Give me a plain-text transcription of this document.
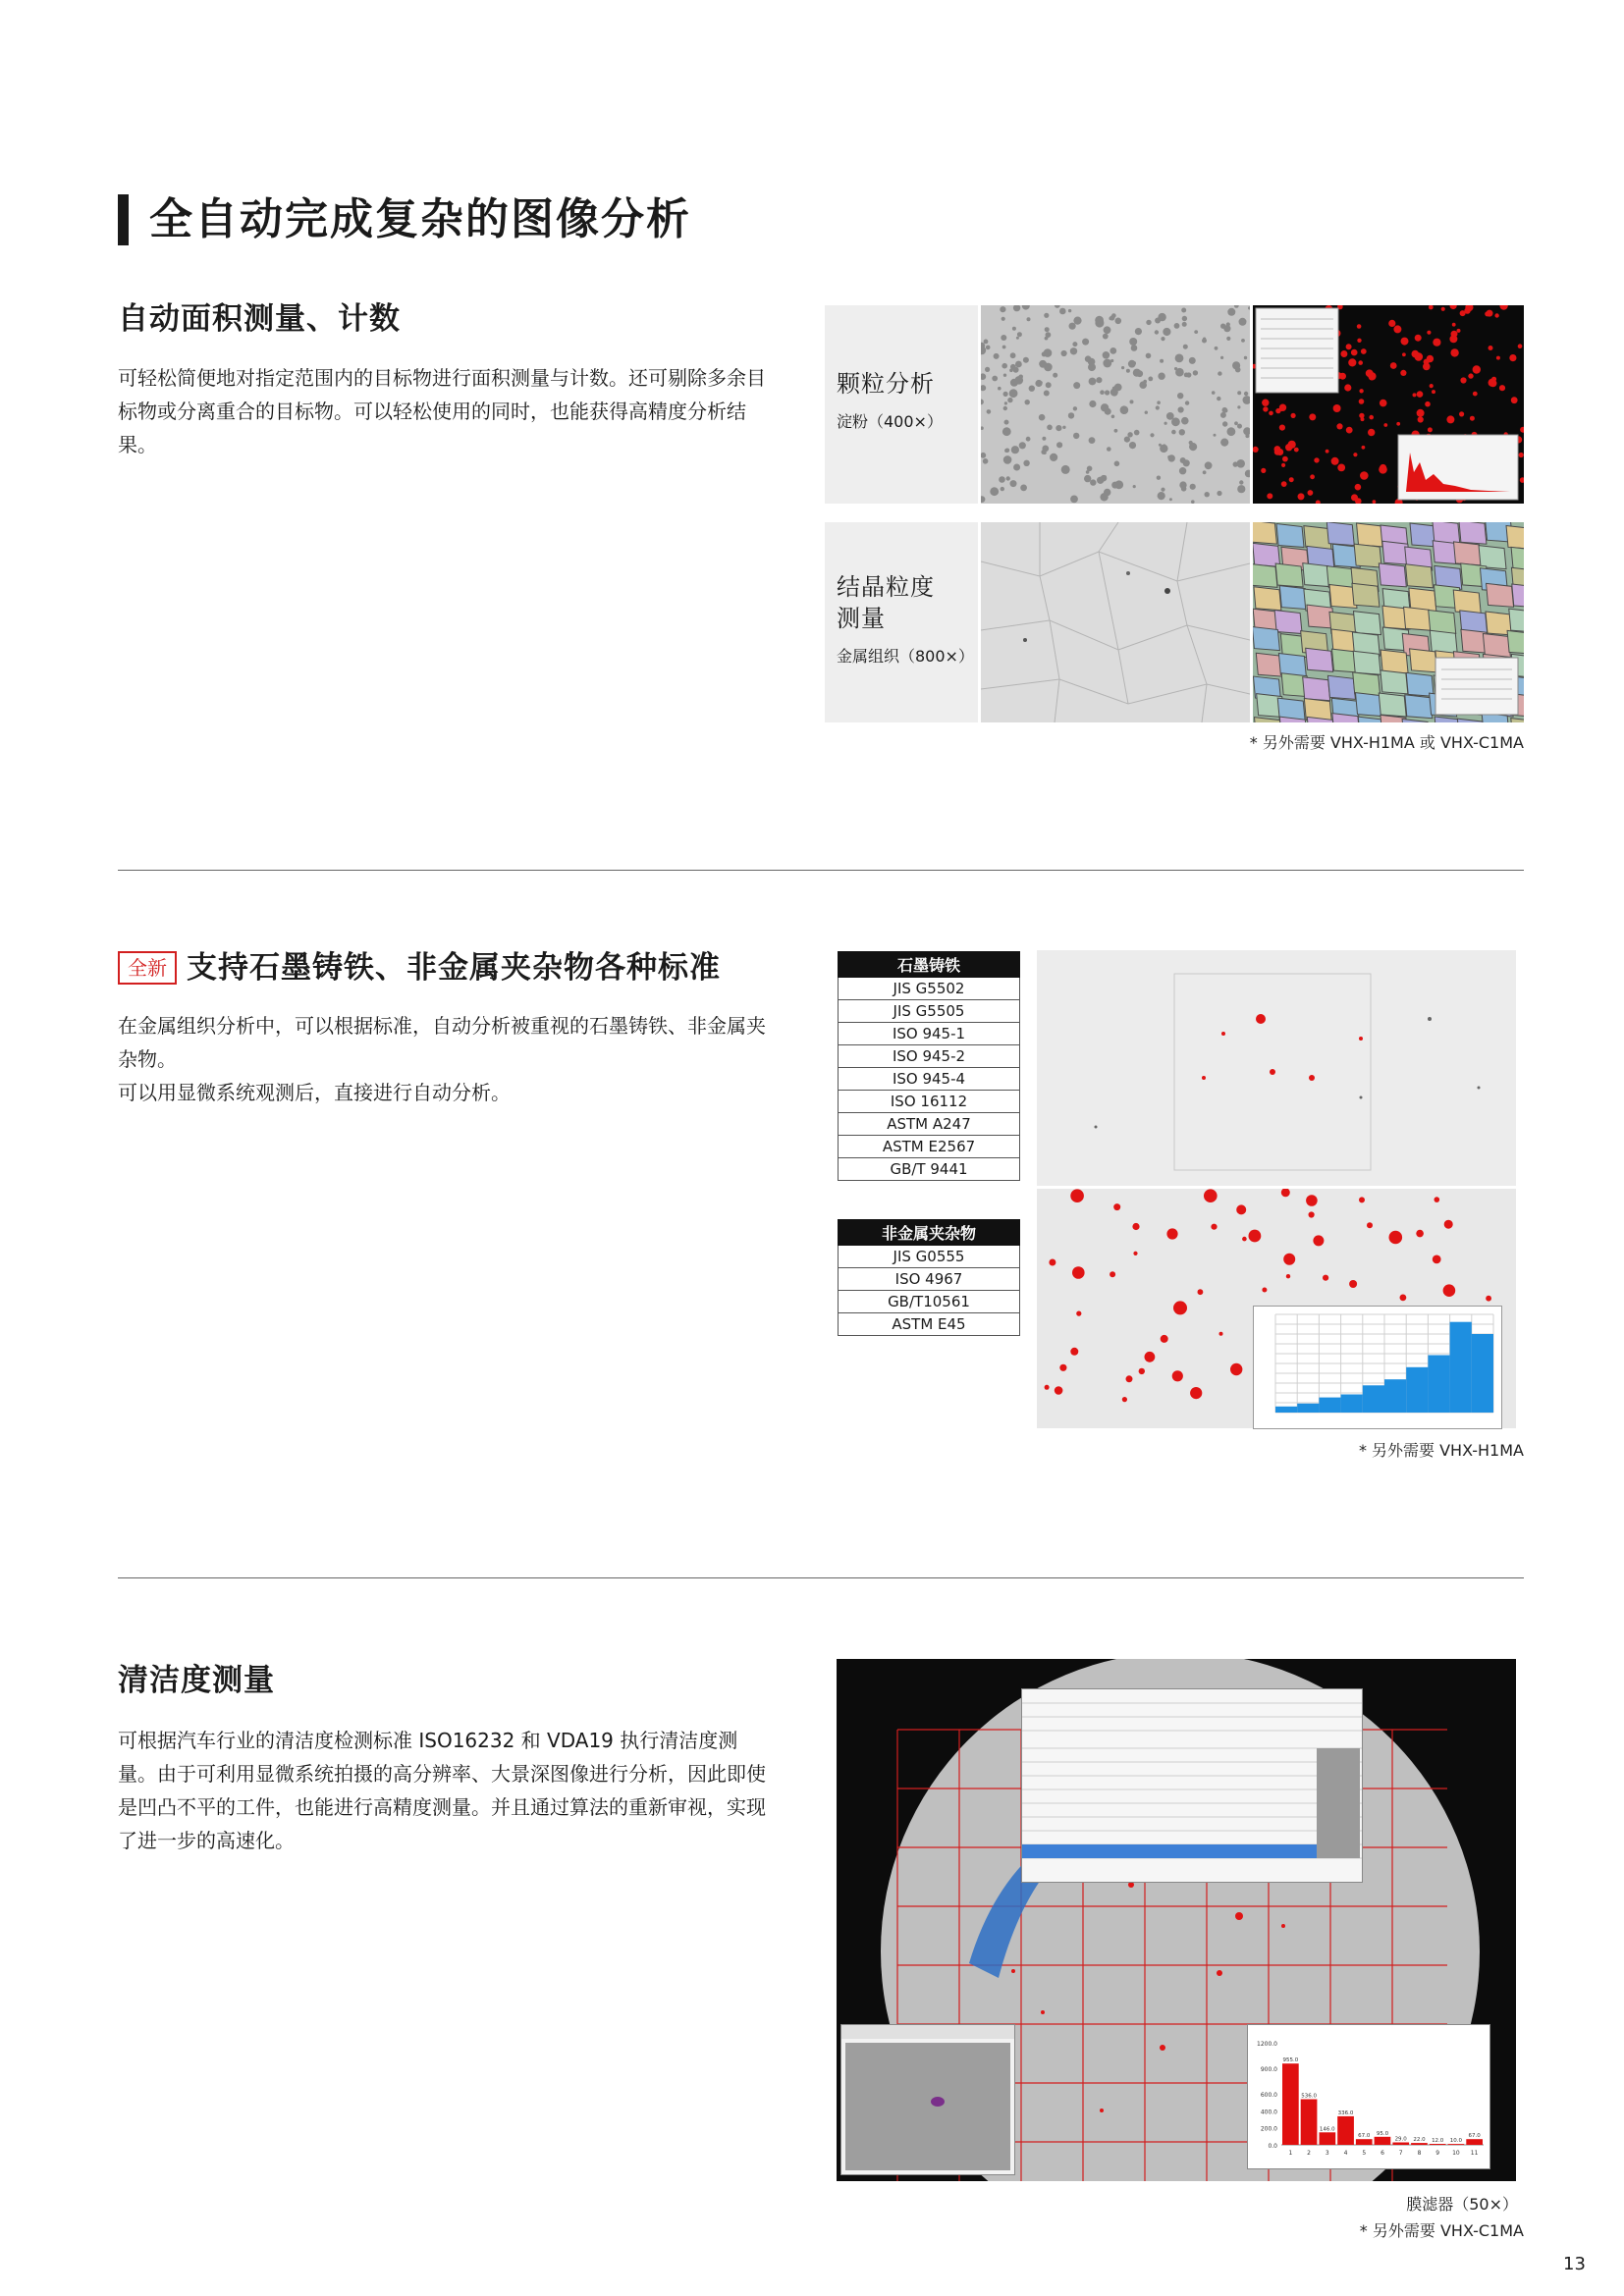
全自动完成复杂的图像分析
自动面积测量、计数
可轻松简便地对指定范围内的目标物进行面积测量与计数。还可剔除多余目标物或分离重合的目标物。可以轻松使用的同时，也能获得高精度分析结果。
颗粒分析
淀粉（400×）
结晶粒度测量
金属组织（800×）
* 另外需要 VHX-H1MA 或 VHX-C1MA
全新 支持石墨铸铁、非金属夹杂物各种标准

在金属组织分析中，可以根据标准，自动分析被重视的石墨铸铁、非金属夹杂物。

可以用显微系统观测后，直接进行自动分析。

石墨铸铁
JIS G5502
JIS G5505
ISO 945-1
ISO 945-2
ISO 945-4
ISO 16112
ASTM A247
ASTM E2567
GB/T 9441
非金属夹杂物
JIS G0555
ISO 4967
GB/T10561
ASTM E45
* 另外需要 VHX-H1MA
清洁度测量
可根据汽车行业的清洁度检测标准 ISO16232 和 VDA19 执行清洁度测量。由于可利用显微系统拍摄的高分辨率、大景深图像进行分析，因此即使是凹凸不平的工件，也能进行高精度测量。并且通过算法的重新审视，实现了进一步的高速化。
1200.0
900.0
600.0
400.0
200.0
0.0
955.0
536.0
146.0
336.0
67.0 95.0
29.0 22.0 12.0 10.0
67.0
1 2 3 4 5 6 7 8 9 10 11
膜滤器（50×）
* 另外需要 VHX-C1MA
13
